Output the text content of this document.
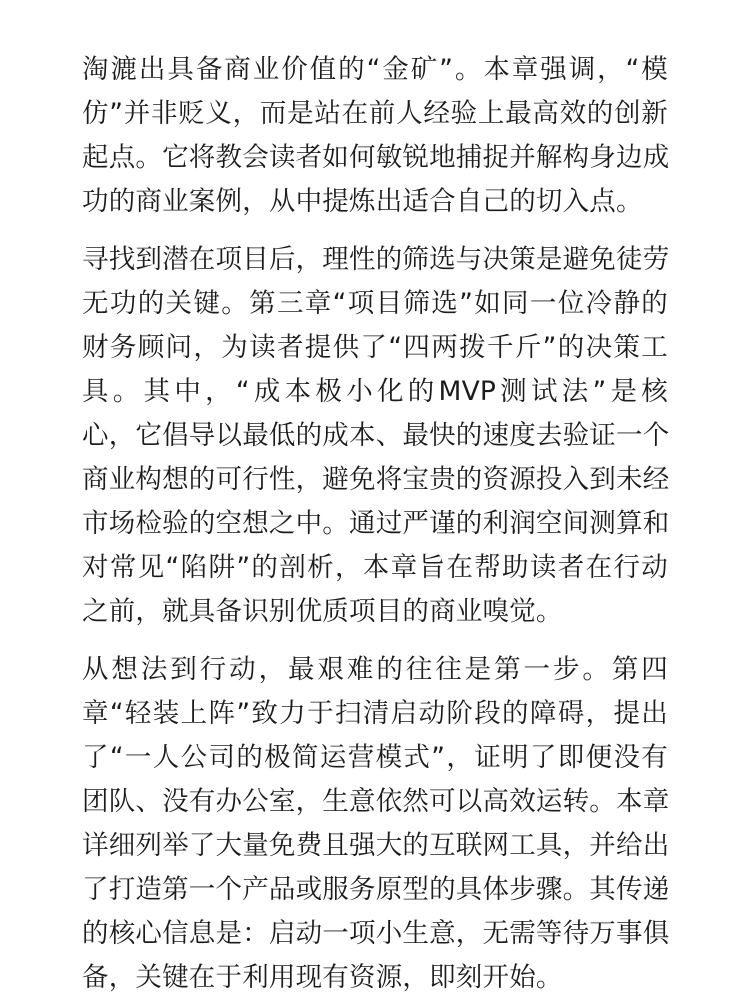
淘漉出具备商业价值的“金矿”。本章强调，“模
仿”并非贬义，而是站在前人经验上最高效的创新
起点。它将教会读者如何敏锐地捕捉并解构身边成
功的商业案例，从中提炼出适合自己的切入点。

寻找到潜在项目后，理性的筛选与决策是避免徒劳
无功的关键。第三章“项目筛选”如同一位冷静的
财务顾问，为读者提供了“四两拨千斤”的决策工
具。其中，“成本极小化的MVP测试法”是核
心，它倡导以最低的成本、最快的速度去验证一个
商业构想的可行性，避免将宝贵的资源投入到未经
市场检验的空想之中。通过严谨的利润空间测算和
对常见“陷阱”的剖析，本章旨在帮助读者在行动
之前，就具备识别优质项目的商业嗅觉。

从想法到行动，最艰难的往往是第一步。第四
章“轻装上阵”致力于扫清启动阶段的障碍，提出
了“一人公司的极简运营模式”，证明了即便没有
团队、没有办公室，生意依然可以高效运转。本章
详细列举了大量免费且强大的互联网工具，并给出
了打造第一个产品或服务原型的具体步骤。其传递
的核心信息是：启动一项小生意，无需等待万事俱
备，关键在于利用现有资源，即刻开始。
